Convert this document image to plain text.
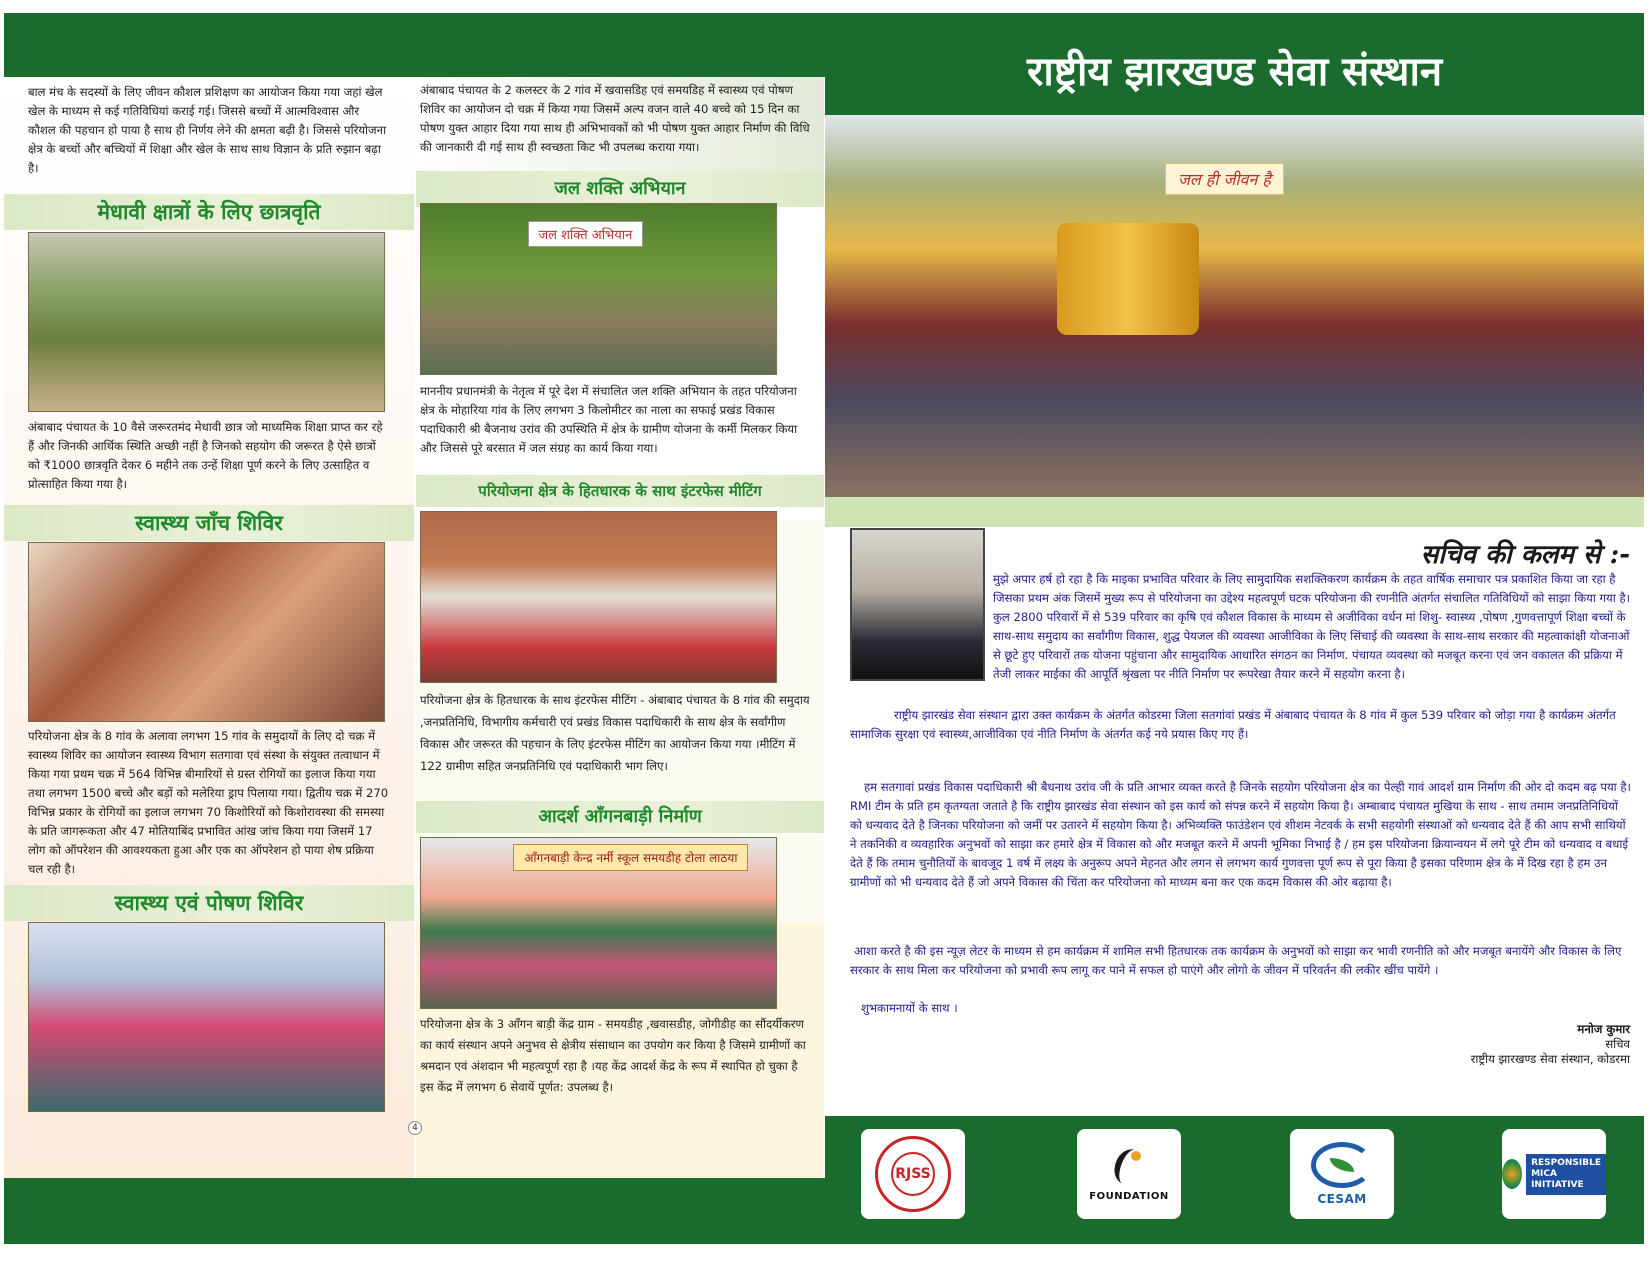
राष्ट्रीय झारखण्ड सेवा संस्थान
बाल मंच के सदस्यों के लिए जीवन कौशल प्रशिक्षण का आयोजन किया गया जहां खेल खेल के माध्यम से कई गतिविधियां कराई गई। जिससे बच्चों में आत्मविश्वास और कौशल की पहचान हो पाया है साथ ही निर्णय लेने की क्षमता बढ़ी है। जिससे परियोजना क्षेत्र के बच्चों और बच्चियों में शिक्षा और खेल के साथ साथ विज्ञान के प्रति रुझान बढ़ा है।
मेधावी क्षात्रों के लिए छात्रवृति
अंबाबाद पंचायत के 10 वैसे जरूरतमंद मेधावी छात्र जो माध्यमिक शिक्षा प्राप्त कर रहे हैं और जिनकी आर्थिक स्थिति अच्छी नहीं है जिनको सहयोग की जरूरत है ऐसे छात्रों को ₹1000 छात्रवृति देकर 6 महीने तक उन्हें शिक्षा पूर्ण करने के लिए उत्साहित व प्रोत्साहित किया गया है।
स्वास्थ्य जाँच शिविर
परियोजना क्षेत्र के 8 गांव के अलावा लगभग 15 गांव के समुदायों के लिए दो चक्र में स्वास्थ्य शिविर का आयोजन स्वास्थ्य विभाग सतगावा एवं संस्था के संयुक्त तत्वाधान में किया गया प्रथम चक्र में 564 विभिन्न बीमारियों से ग्रस्त रोगियों का इलाज किया गया तथा लगभग 1500 बच्चे और बड़ों को मलेरिया ड्राप पिलाया गया। द्वितीय चक्र में 270 विभिन्न प्रकार के रोगियों का इलाज लगभग 70 किशोरियों को किशोरावस्था की समस्या के प्रति जागरूकता और 47 मोतियाबिंद प्रभावित आंख जांच किया गया जिसमें 17 लोग को ऑपरेशन की आवश्यकता हुआ और एक का ऑपरेशन हो पाया शेष प्रक्रिया चल रही है।
स्वास्थ्य एवं पोषण शिविर
अंबाबाद पंचायत के 2 कलस्टर के 2 गांव में खवासडिह एवं समयडिह में स्वास्थ्य एवं पोषण शिविर का आयोजन दो चक्र में किया गया जिसमें अल्प वजन वाले 40 बच्चे को 15 दिन का पोषण युक्त आहार दिया गया साथ ही अभिभावकों को भी पोषण युक्त आहार निर्माण की विधि की जानकारी दी गई साथ ही स्वच्छता किट भी उपलब्ध कराया गया।
जल शक्ति अभियान
जल शक्ति अभियान
माननीय प्रधानमंत्री के नेतृत्व में पूरे देश में संचालित जल शक्ति अभियान के तहत परियोजना क्षेत्र के मोहारिया गांव के लिए लगभग 3 किलोमीटर का नाला का सफाई प्रखंड विकास पदाधिकारी श्री बैजनाथ उरांव की उपस्थिति में क्षेत्र के ग्रामीण योजना के कर्मी मिलकर किया और जिससे पूरे बरसात में जल संग्रह का कार्य किया गया।
परियोजना क्षेत्र के हितधारक के साथ इंटरफेस मीटिंग
परियोजना क्षेत्र के हितधारक के साथ इंटरफेस मीटिंग - अंबाबाद पंचायत के 8 गांव की समुदाय ,जनप्रतिनिधि, विभागीय कर्मचारी एवं प्रखंड विकास पदाधिकारी के साथ क्षेत्र के सर्वांगीण विकास और जरूरत की पहचान के लिए इंटरफेस मीटिंग का आयोजन किया गया ।मीटिंग में 122 ग्रामीण सहित जनप्रतिनिधि एवं पदाधिकारी भाग लिए।
आदर्श आँगनबाड़ी निर्माण
आँगनबाड़ी केन्द्र नर्मी स्कूल समयडीह टोला लाठया
परियोजना क्षेत्र के 3 आँगन बाड़ी केंद्र ग्राम - समयडीह ,खवासडीह, जोगीडीह का सौंदर्यीकरण का कार्य संस्थान अपने अनुभव से क्षेत्रीय संसाधान का उपयोग कर किया है जिसमे ग्रामीणों का श्रमदान एवं अंशदान भी महत्वपूर्ण रहा है ।यह केंद्र आदर्श केंद्र के रूप में स्थापित हो चुका है इस केंद्र में लगभग 6 सेवायें पूर्णत: उपलब्ध है।
4
जल ही जीवन है
सचिव की कलम से :-
मुझे अपार हर्ष हो रहा है कि माइका प्रभावित परिवार के लिए सामुदायिक सशक्तिकरण कार्यक्रम के तहत वार्षिक समाचार पत्र प्रकाशित किया जा रहा है जिसका प्रथम अंक जिसमें मुख्य रूप से परियोजना का उद्देश्य महत्वपूर्ण घटक परियोजना की रणनीति अंतर्गत संचालित गतिविधियों को साझा किया गया है। कुल 2800 परिवारों में से 539 परिवार का कृषि एवं कौशल विकास के माध्यम से अजीविका वर्धन मां शिशु- स्वास्थ्य ,पोषण ,गुणवत्तापूर्ण शिक्षा बच्चों के साथ-साथ समुदाय का सर्वांगीण विकास, शुद्ध पेयजल की व्यवस्था आजीविका के लिए सिंचाई की व्यवस्था के साथ-साथ सरकार की महत्वाकांक्षी योजनाओं से छूटे हुए परिवारों तक योजना पहुंचाना और सामुदायिक आधारित संगठन का निर्माण. पंचायत व्यवस्था को मजबूत करना एवं जन वकालत की प्रक्रिया में तेजी लाकर माईका की आपूर्ति श्रृंखला पर नीति निर्माण पर रूपरेखा तैयार करने में सहयोग करना है।
राष्ट्रीय झारखंड सेवा संस्थान द्वारा उक्त कार्यक्रम के अंतर्गत कोडरमा जिला सतगांवां प्रखंड में अंबाबाद पंचायत के 8 गांव में कुल 539 परिवार को जोड़ा गया है कार्यक्रम अंतर्गत सामाजिक सुरक्षा एवं स्वास्थ्य,आजीविका एवं नीति निर्माण के अंतर्गत कई नये प्रयास किए गए हैं।
हम सतगावां प्रखंड विकास पदाधिकारी श्री बैधनाथ उरांव जी के प्रति आभार व्यक्त करते है जिनके सहयोग परियोजना क्षेत्र का पेल्ही गावं आदर्श ग्राम निर्माण की ओर दो कदम बढ़ पया है। RMI टीम के प्रति हम कृतग्यता जताते है कि राष्ट्रीय झारखंड सेवा संस्थान को इस कार्य को संपन्न करने में सहयोग किया है। अम्बाबाद पंचायत मुखिया के साथ - साथ तमाम जनप्रतिनिधियों को धन्यवाद देते है जिनका परियोजना को जमीं पर उतारने में सहयोग किया है। अभिव्यक्ति फाउंडेशन एवं शीशम नेटवर्क के सभी सहयोगी संस्थाओं को धन्यवाद देते हैं की आप सभी साथियों ने तकनिकी व व्यवहारिक अनुभवों को साझा कर हमारे क्षेत्र में विकास को और मजबूत करने में अपनी भूमिका निभाई है / हम इस परियोजना क्रियान्वयन में लगे पूरे टीम को धन्यवाद व बधाई देते हैं कि तमाम चुनौतियों के बावजूद 1 वर्ष में लक्ष्य के अनुरूप अपने मेहनत और लगन से लगभग कार्य गुणवत्ता पूर्ण रूप से पूरा किया है इसका परिणाम क्षेत्र के में दिख रहा है हम उन ग्रामीणों को भी धन्यवाद देते हैं जो अपने विकास की चिंता कर परियोजना को माध्यम बना कर एक कदम विकास की ओर बढ़ाया है।
आशा करते है की इस न्यूज़ लेटर के माध्यम से हम कार्यक्रम में शामिल सभी हितधारक तक कार्यक्रम के अनुभवों को साझा कर भावी रणनीति को और मजबूत बनायेंगे और विकास के लिए सरकार के साथ मिला कर परियोजना को प्रभावी रूप लागू कर पाने में सफल हो पाएंगे और लोगो के जीवन में परिवर्तन की लकीर खींच पायेंगे ।
शुभकामनायों के साथ ।
मनोज कुमार
सचिव
राष्ट्रीय झारखण्ड सेवा संस्थान, कोडरमा
RJSS
FOUNDATION	CESAM
RESPONSIBLE
MICA
INITIATIVE
